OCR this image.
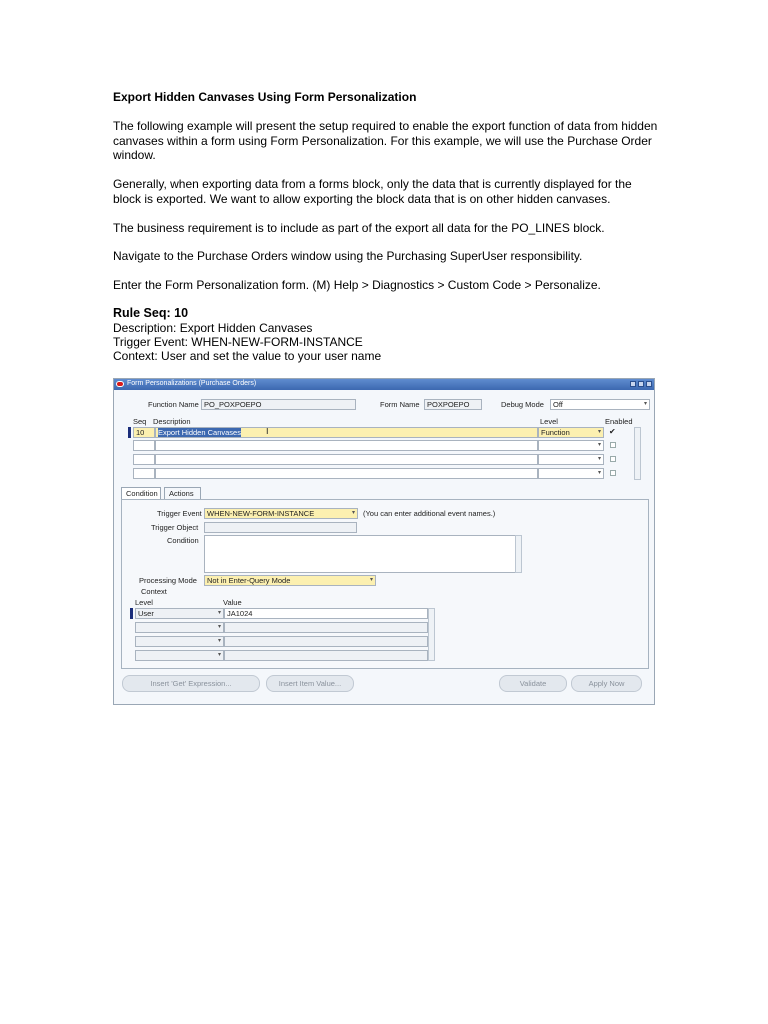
Export Hidden Canvases Using Form Personalization
The following example will present the setup required to enable the export function of data from hidden canvases within a form using Form Personalization. For this example, we will use the Purchase Order window.
Generally, when exporting data from a forms block, only the data that is currently displayed for the block is exported. We want to allow exporting the block data that is on other hidden canvases.
The business requirement is to include as part of the export all data for the PO_LINES block.
Navigate to the Purchase Orders window using the Purchasing SuperUser responsibility.
Enter the Form Personalization form. (M) Help > Diagnostics > Custom Code > Personalize.
Rule Seq: 10
Description: Export Hidden Canvases
Trigger Event: WHEN-NEW-FORM-INSTANCE
Context: User and set the value to your user name
Form Personalizations (Purchase Orders)
Function Name PO_POXPOEPO	Form Name POXPOEPO	Debug Mode	Off	▾
Seq Description	Level	Enabled
10	Export Hidden Canvases	I	Function	▾ ✔
▾
▾
▾
Condition	Actions
Trigger Event WHEN-NEW-FORM-INSTANCE	▾ (You can enter additional event names.)
Trigger Object
Condition
Processing Mode	Not in Enter-Query Mode	▾
Context
Level	Value
User	▾ JA1024
▾
▾
▾
Insert 'Get' Expression...	Insert Item Value...	Validate	Apply Now
